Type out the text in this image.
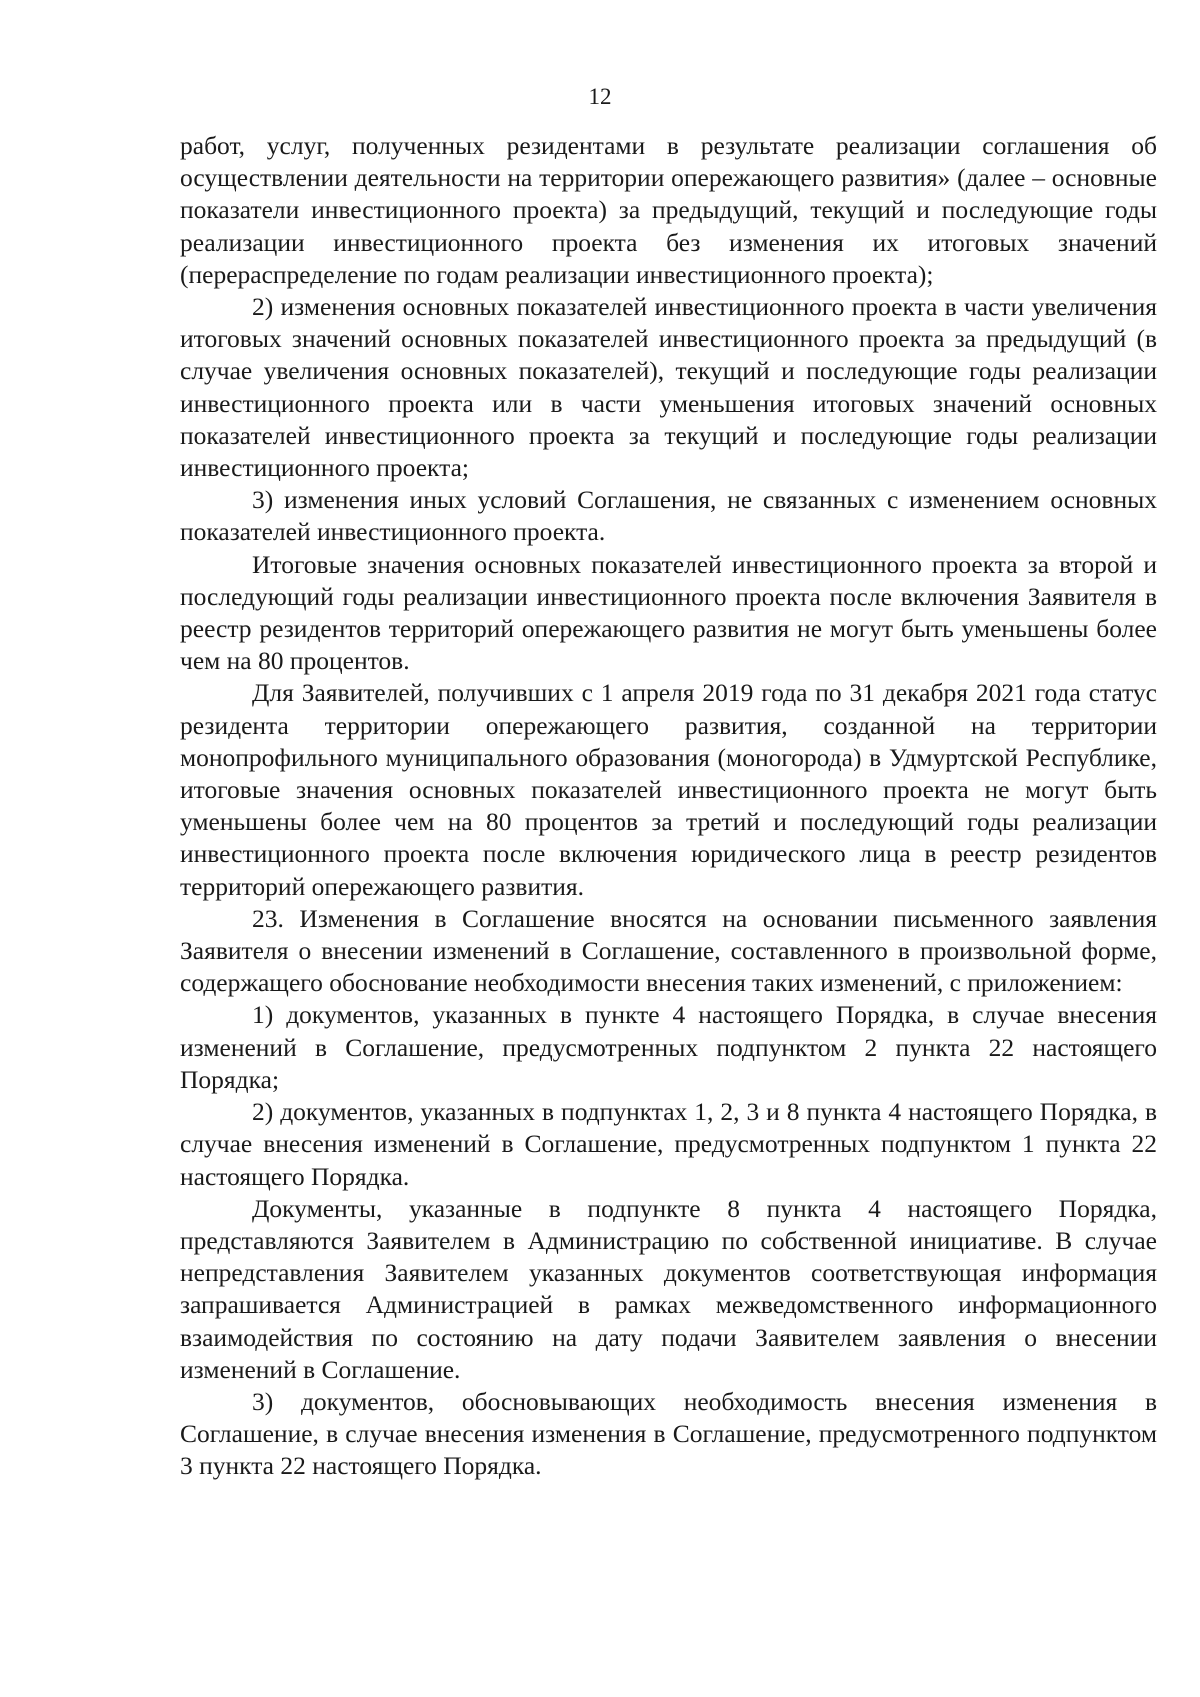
12

работ, услуг, полученных резидентами в результате реализации соглашения об осуществлении деятельности на территории опережающего развития» (далее – основные показатели инвестиционного проекта) за предыдущий, текущий и последующие годы реализации инвестиционного проекта без изменения их итоговых значений (перераспределение по годам реализации инвестиционного проекта);

2) изменения основных показателей инвестиционного проекта в части увеличения итоговых значений основных показателей инвестиционного проекта за предыдущий (в случае увеличения основных показателей), текущий и последующие годы реализации инвестиционного проекта или в части уменьшения итоговых значений основных показателей инвестиционного проекта за текущий и последующие годы реализации инвестиционного проекта;

3) изменения иных условий Соглашения, не связанных с изменением основных показателей инвестиционного проекта.

Итоговые значения основных показателей инвестиционного проекта за второй и последующий годы реализации инвестиционного проекта после включения Заявителя в реестр резидентов территорий опережающего развития не могут быть уменьшены более чем на 80 процентов.

Для Заявителей, получивших с 1 апреля 2019 года по 31 декабря 2021 года статус резидента территории опережающего развития, созданной на территории монопрофильного муниципального образования (моногорода) в Удмуртской Республике, итоговые значения основных показателей инвестиционного проекта не могут быть уменьшены более чем на 80 процентов за третий и последующий годы реализации инвестиционного проекта после включения юридического лица в реестр резидентов территорий опережающего развития.

23. Изменения в Соглашение вносятся на основании письменного заявления Заявителя о внесении изменений в Соглашение, составленного в произвольной форме, содержащего обоснование необходимости внесения таких изменений, с приложением:

1) документов, указанных в пункте 4 настоящего Порядка, в случае внесения изменений в Соглашение, предусмотренных подпунктом 2 пункта 22 настоящего Порядка;

2) документов, указанных в подпунктах 1, 2, 3 и 8 пункта 4 настоящего Порядка, в случае внесения изменений в Соглашение, предусмотренных подпунктом 1 пункта 22 настоящего Порядка.

Документы, указанные в подпункте 8 пункта 4 настоящего Порядка, представляются Заявителем в Администрацию по собственной инициативе. В случае непредставления Заявителем указанных документов соответствующая информация запрашивается Администрацией в рамках межведомственного информационного взаимодействия по состоянию на дату подачи Заявителем заявления о внесении изменений в Соглашение.

3) документов, обосновывающих необходимость внесения изменения в Соглашение, в случае внесения изменения в Соглашение, предусмотренного подпунктом 3 пункта 22 настоящего Порядка.
